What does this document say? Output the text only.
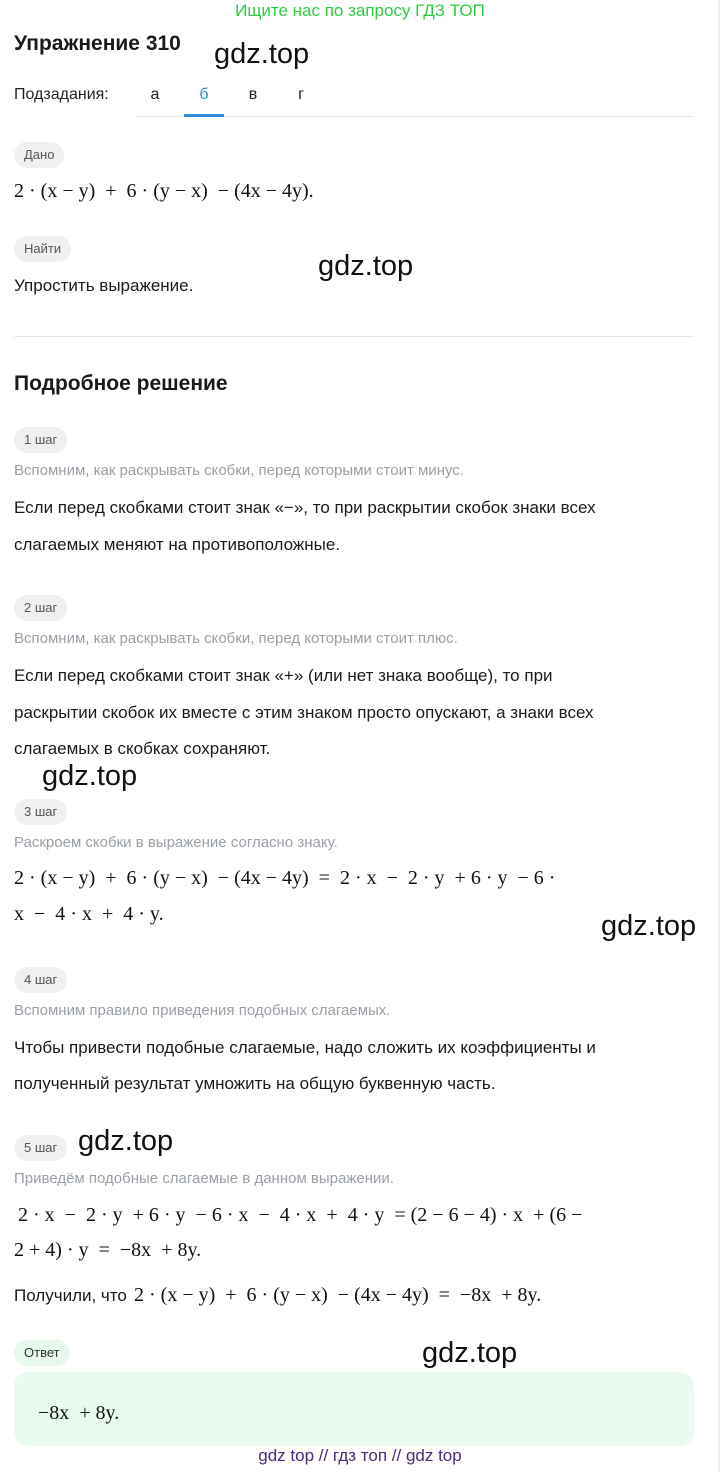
Ищите нас по запросу ГДЗ ТОП
Упражнение 310 gdz.top
gdz.top
gdz.top
gdz.top
gdz.top
gdz.top
Подзадания:	а	б	в	г
Дано
2 · (x − y)  +  6 · (y − x)  − (4x − 4y).
Найти
Упростить выражение.
Подробное решение
1 шаг
Вспомним, как раскрывать скобки, перед которыми стоит минус.
Если перед скобками стоит знак «−», то при раскрытии скобок знаки всех
слагаемых меняют на противоположные.
2 шаг
Вспомним, как раскрывать скобки, перед которыми стоит плюс.
Если перед скобками стоит знак «+» (или нет знака вообще), то при
раскрытии скобок их вместе с этим знаком просто опускают, а знаки всех
слагаемых в скобках сохраняют.
3 шаг
Раскроем скобки в выражение согласно знаку.
2 · (x − y)  +  6 · (y − x)  − (4x − 4y)  =  2 · x  −  2 · y  + 6 · y  − 6 ·
x  −  4 · x  +  4 · y.
4 шаг
Вспомним правило приведения подобных слагаемых.
Чтобы привести подобные слагаемые, надо сложить их коэффициенты и
полученный результат умножить на общую буквенную часть.
5 шаг
Приведём подобные слагаемые в данном выражении.
2 · x  −  2 · y  + 6 · y  − 6 · x  −  4 · x  +  4 · y  = (2 − 6 − 4) · x  + (6 −
2 + 4) · y  =  −8x  + 8y.
Получили, что 2 · (x − y)  +  6 · (y − x)  − (4x − 4y)  =  −8x  + 8y.
Ответ
−8x  + 8y.
gdz top // гдз топ // gdz top
